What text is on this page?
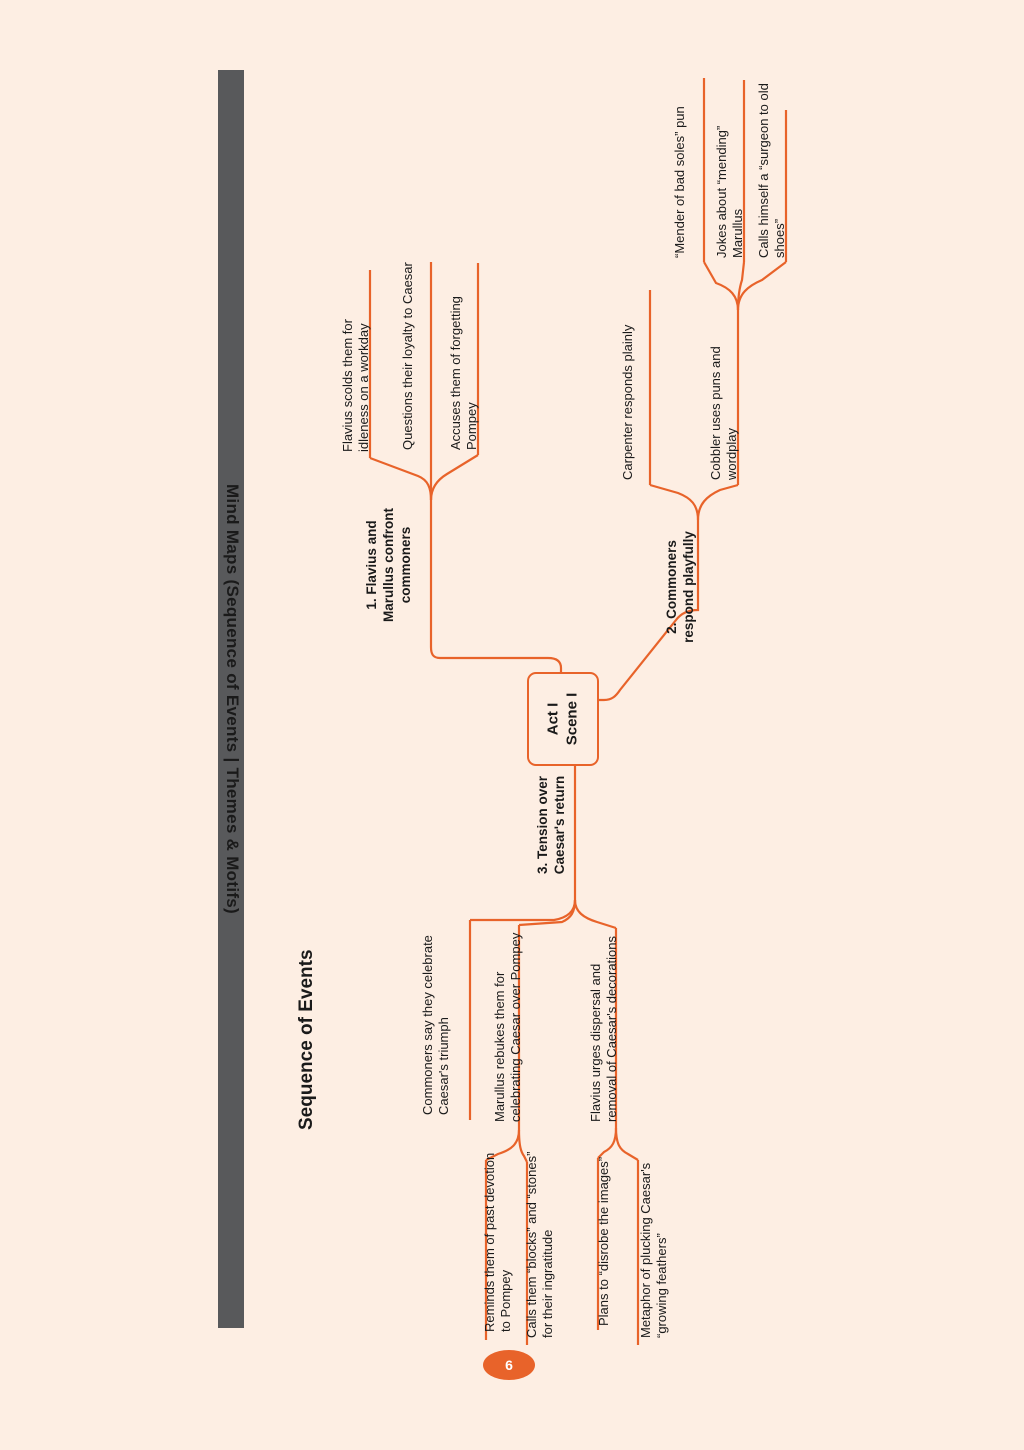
Mind Maps (Sequence of Events | Themes & Motifs)
Sequence of Events
6
Act I Scene I
1. Flavius and Marullus confront commoners
Flavius scolds them for idleness on a workday Questions their loyalty to Caesar	Accuses them of forgetting Pompey
2. Commoners respond playfully
Carpenter responds plainly	Cobbler uses puns and wordplay
“Mender of bad soles” pun Jokes about “mending” Marullus Calls himself a “surgeon to old shoes”
3. Tension over Caesar's return
Commoners say they celebrate Caesar's triumph	Marullus rebukes them for celebrating Caesar over Pompey	Flavius urges dispersal and removal of Caesar's decorations
Reminds them of past devotion to Pompey Calls them “blocks” and “stones” for their ingratitude	Plans to “disrobe the images” Metaphor of plucking Caesar's “growing feathers”
